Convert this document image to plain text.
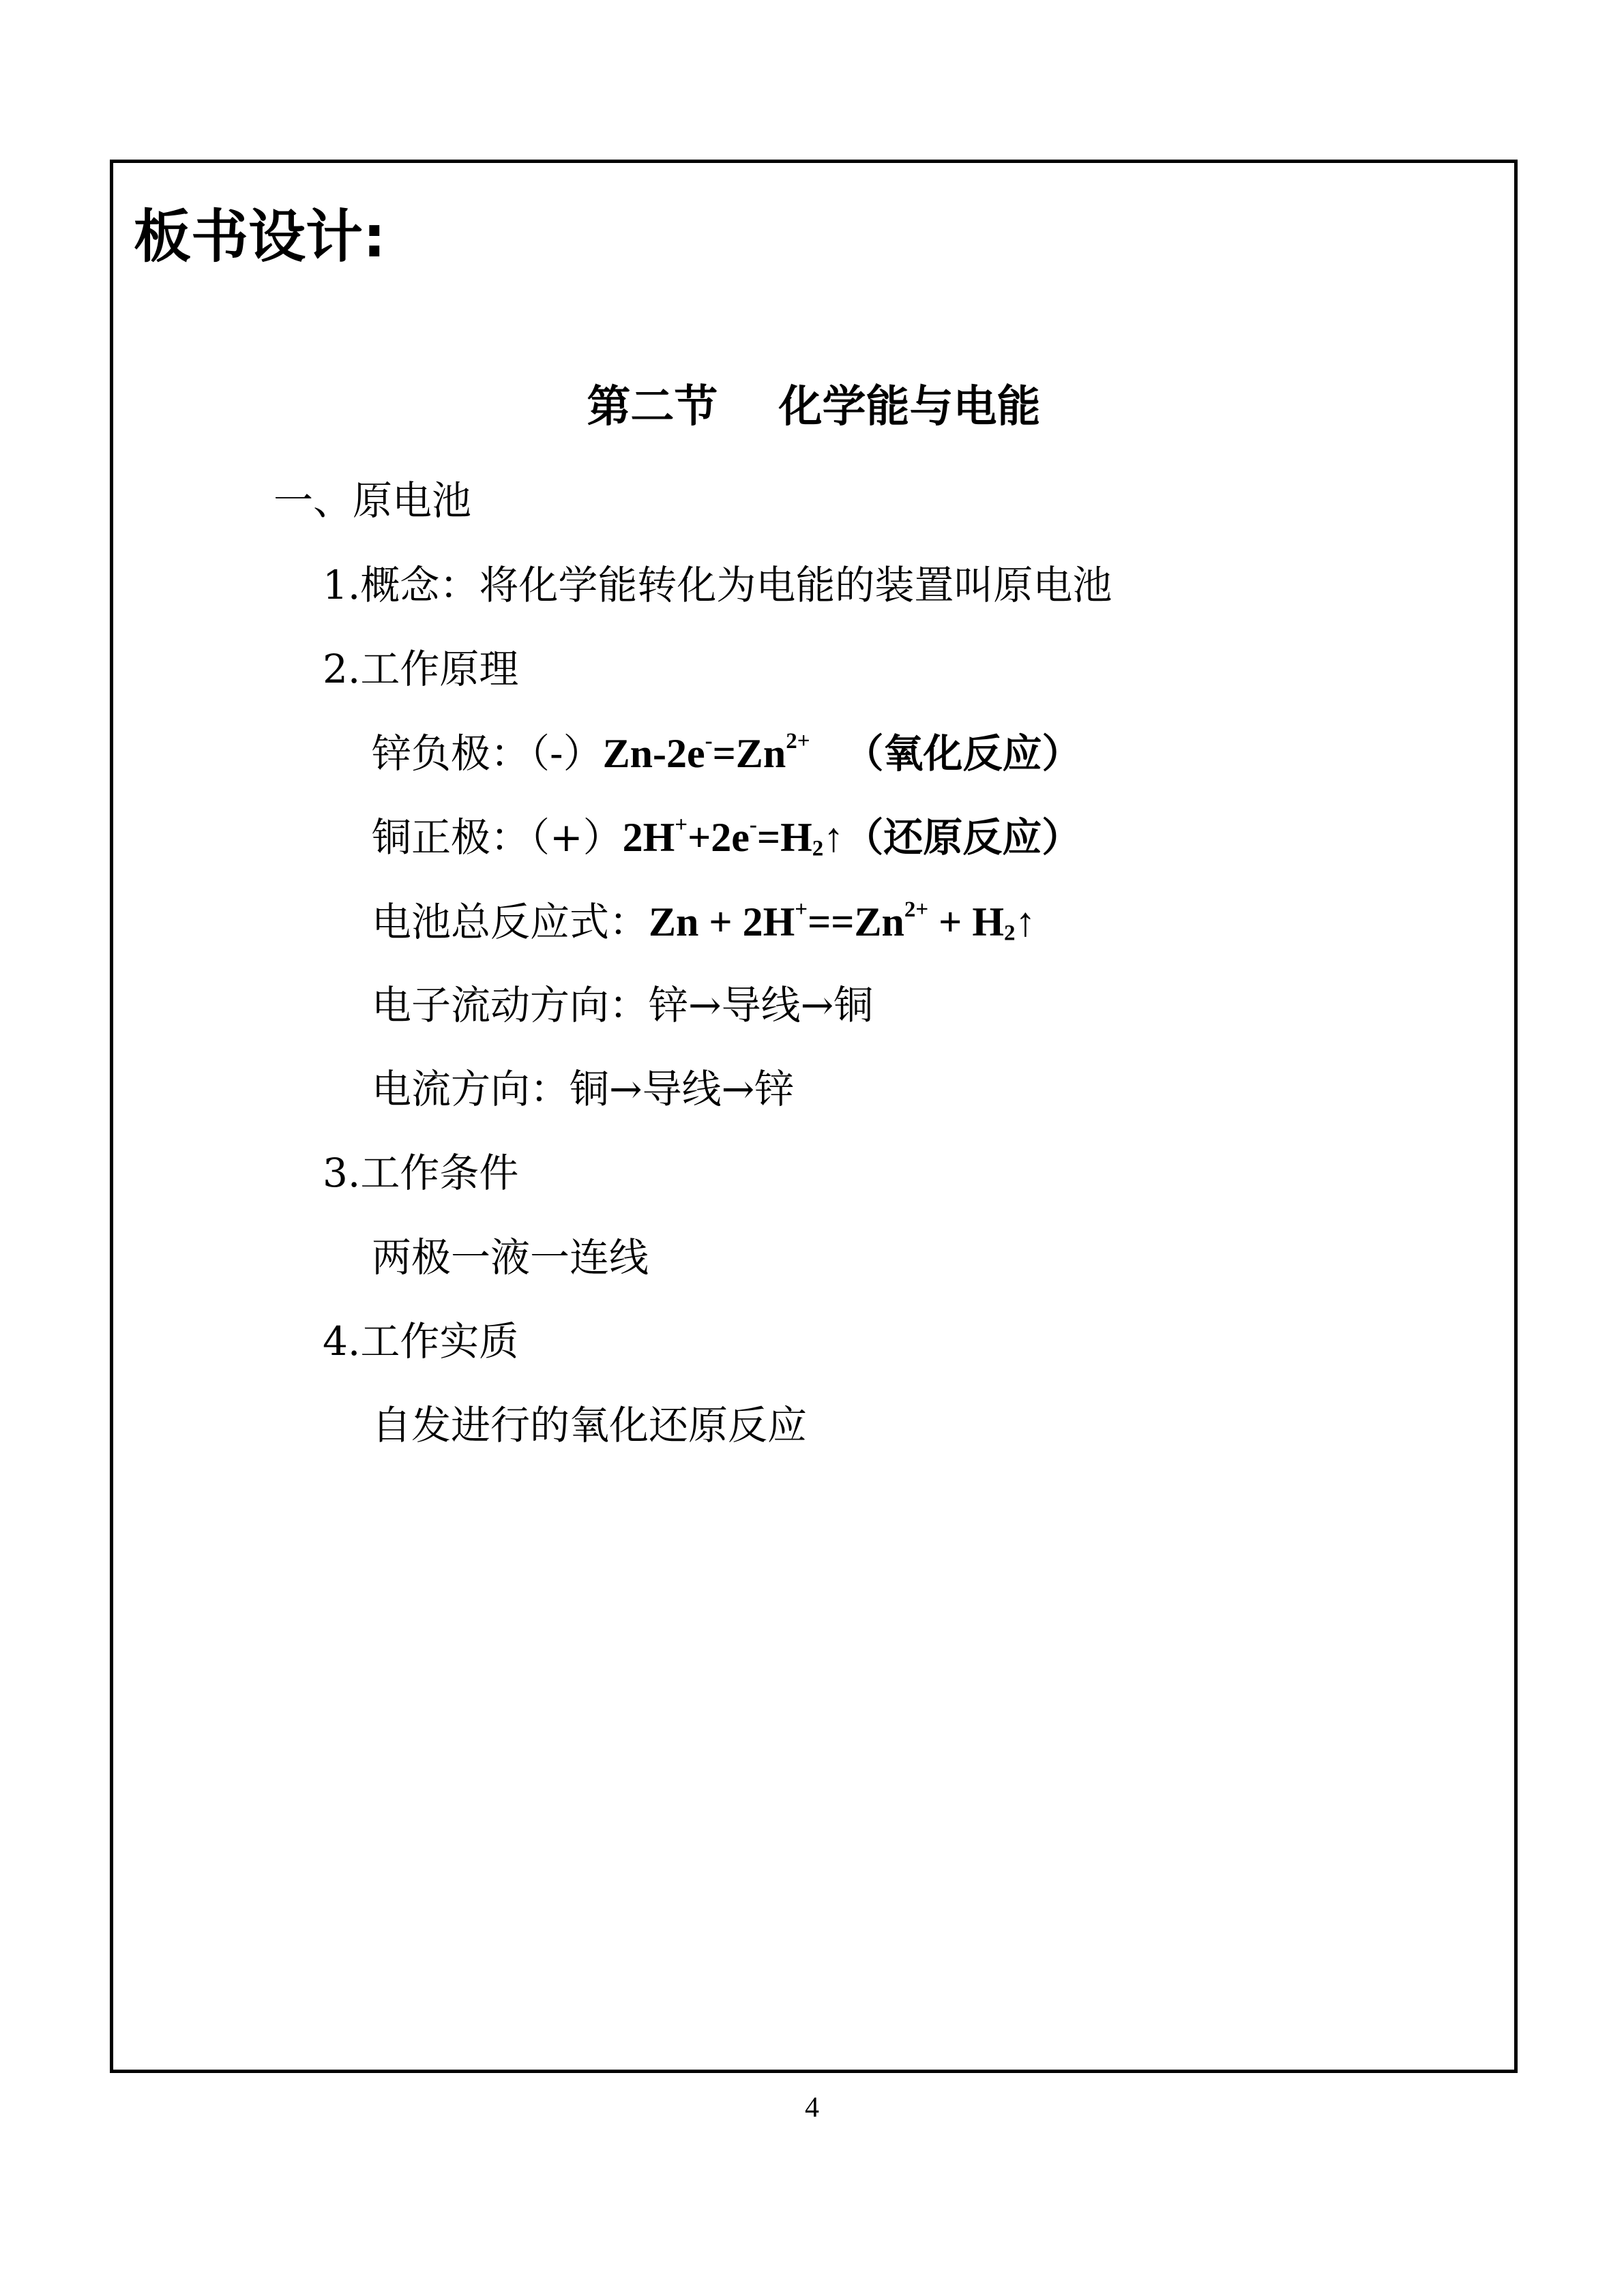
板书设计:
第二节    化学能与电能
一、原电池
1.概念：将化学能转化为电能的装置叫原电池
2.工作原理
锌负极：$(-)Zn-2e^-=Zn^{2+}$ （氧化反应）
铜正极：$(+)2H^++2e^-=H_2↑$（还原反应）
电池总反应式：$Zn + 2H^+==Zn^{2+}$ + $H_2↑$
电子流动方向：锌→导线→铜
电流方向：铜→导线→锌
3.工作条件
两极一液一连线
4.工作实质
自发进行的氧化还原反应
4
